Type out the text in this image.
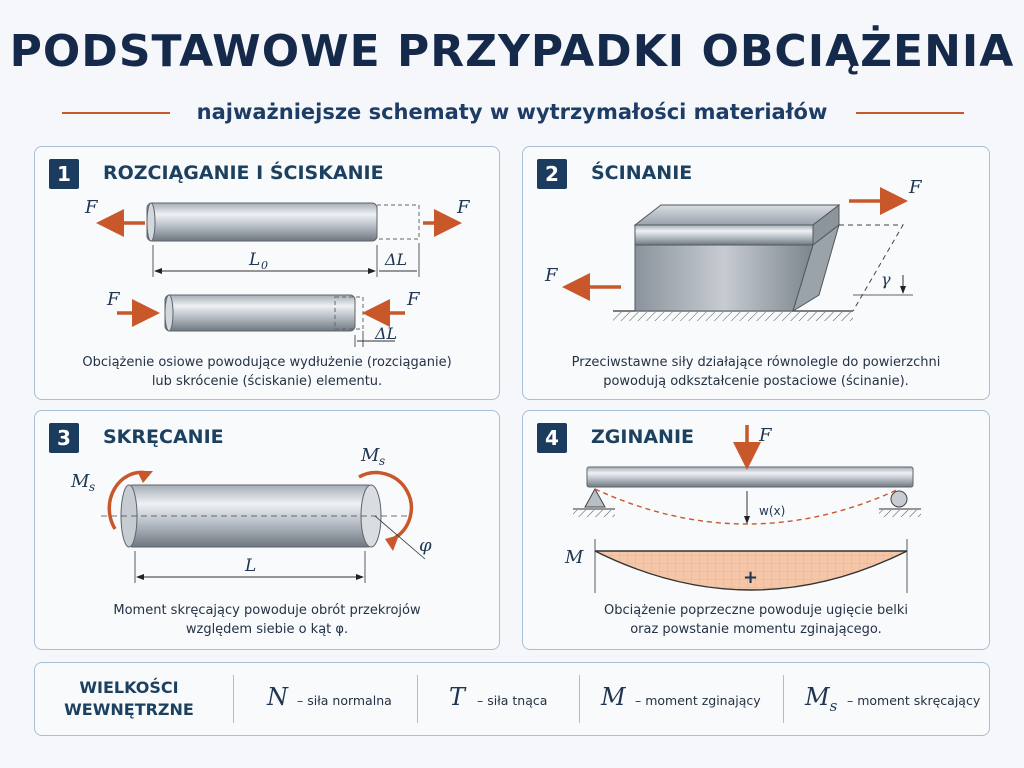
PODSTAWOWE PRZYPADKI OBCIĄŻENIA
najważniejsze schematy w wytrzymałości materiałów
1	ROZCIĄGANIE I ŚCISKANIE
F	F
L 0	ΔL
F	F
ΔL
Obciążenie osiowe powodujące wydłużenie (rozciąganie)
lub skrócenie (ściskanie) elementu.
2	ŚCINANIE
γ
F
F
Przeciwstawne siły działające równolegle do powierzchni
powodują odkształcenie postaciowe (ścinanie).
3	SKRĘCANIE
M s
M s
φ
L
Moment skręcający powoduje obrót przekrojów
względem siebie o kąt φ.
4	ZGINANIE	F
w(x)
M
+
Obciążenie poprzeczne powoduje ugięcie belki
oraz powstanie momentu zginającego.
WIELKOŚCI
WEWNĘTRZNE	N – siła normalna T – siła tnąca M – moment zginający $M_s$ – moment skręcający
